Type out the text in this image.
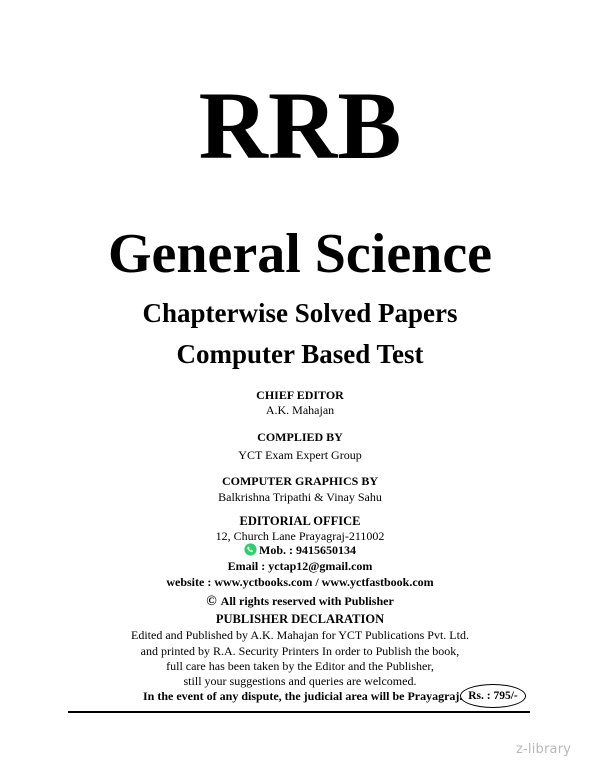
RRB
General Science
Chapterwise Solved Papers
Computer Based Test
CHIEF EDITOR
A.K. Mahajan
COMPLIED BY
YCT Exam Expert Group
COMPUTER GRAPHICS BY
Balkrishna Tripathi & Vinay Sahu
EDITORIAL OFFICE
12, Church Lane Prayagraj-211002
Mob. : 9415650134
Email : yctap12@gmail.com
website : www.yctbooks.com / www.yctfastbook.com
© All rights reserved with Publisher
PUBLISHER DECLARATION
Edited and Published by A.K. Mahajan for YCT Publications Pvt. Ltd.
and printed by R.A. Security Printers In order to Publish the book,
full care has been taken by the Editor and the Publisher,
still your suggestions and queries are welcomed.
In the event of any dispute, the judicial area will be Prayagraj. Rs. : 795/-
z-library
